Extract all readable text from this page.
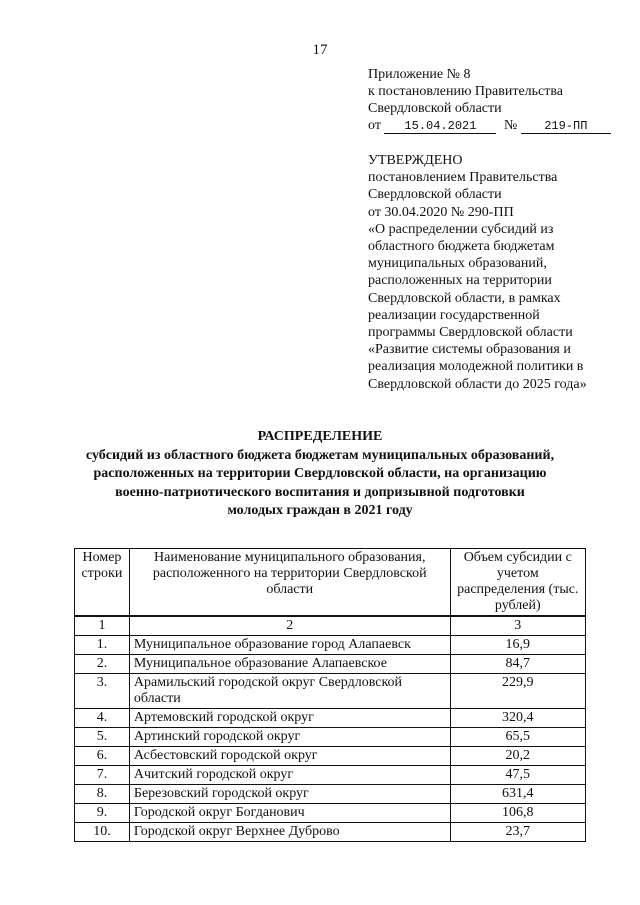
17
Приложение № 8
к постановлению Правительства
Свердловской области
от 15.04.2021 № 219-ПП
УТВЕРЖДЕНО
постановлением Правительства
Свердловской области
от 30.04.2020 № 290-ПП
«О распределении субсидий из
областного бюджета бюджетам
муниципальных образований,
расположенных на территории
Свердловской области, в рамках
реализации государственной
программы Свердловской области
«Развитие системы образования и
реализация молодежной политики в
Свердловской области до 2025 года»
РАСПРЕДЕЛЕНИЕ
субсидий из областного бюджета бюджетам муниципальных образований,
расположенных на территории Свердловской области, на организацию
военно-патриотического воспитания и допризывной подготовки
молодых граждан в 2021 году
Номер строки	Наименование муниципального образования, расположенного на территории Свердловской области	Объем субсидии с учетом распределения (тыс. рублей)
1	2	3
1.	Муниципальное образование город Алапаевск	16,9
2.	Муниципальное образование Алапаевское	84,7
3.	Арамильский городской округ Свердловской области	229,9
4.	Артемовский городской округ	320,4
5.	Артинский городской округ	65,5
6.	Асбестовский городской округ	20,2
7.	Ачитский городской округ	47,5
8.	Березовский городской округ	631,4
9.	Городской округ Богданович	106,8
10.	Городской округ Верхнее Дуброво	23,7
